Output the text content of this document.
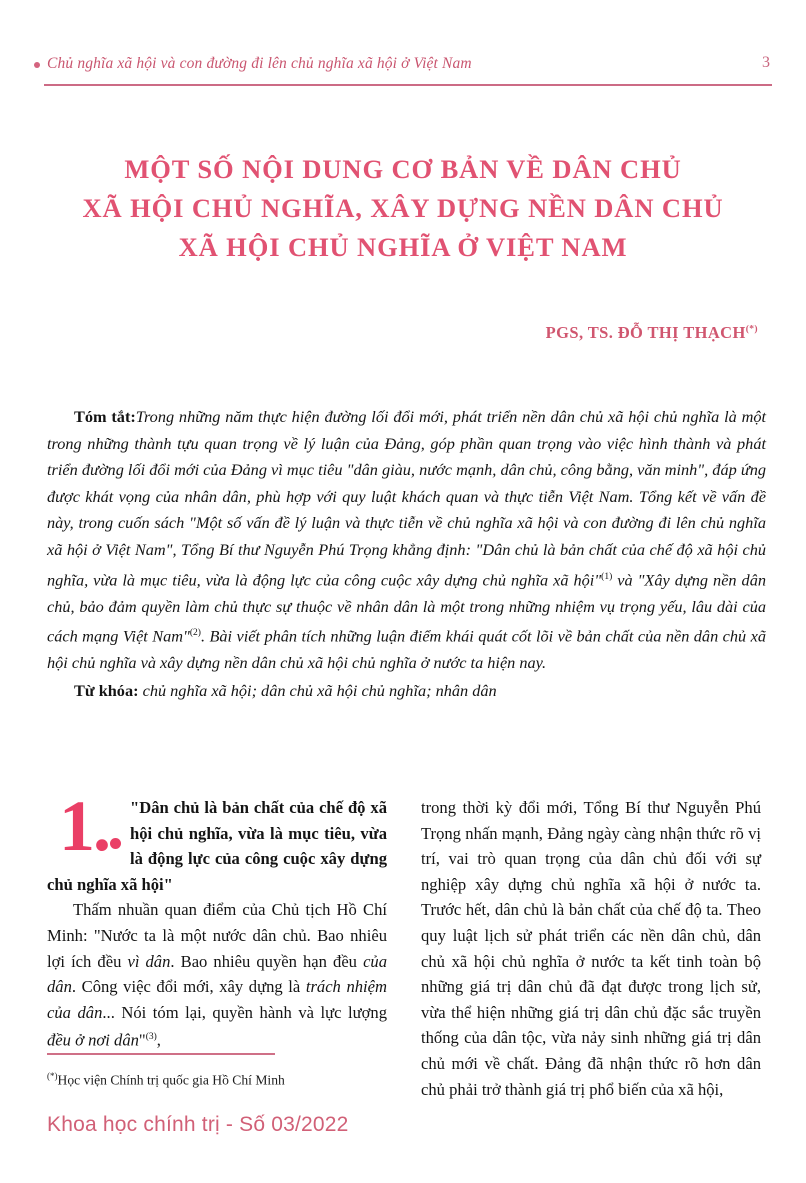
Chủ nghĩa xã hội và con đường đi lên chủ nghĩa xã hội ở Việt Nam	3
MỘT SỐ NỘI DUNG CƠ BẢN VỀ DÂN CHỦ
XÃ HỘI CHỦ NGHĨA, XÂY DỰNG NỀN DÂN CHỦ
XÃ HỘI CHỦ NGHĨA Ở VIỆT NAM
PGS, TS. ĐỖ THỊ THẠCH(*)

Tóm tắt:Trong những năm thực hiện đường lối đổi mới, phát triển nền dân chủ xã hội chủ nghĩa là một trong những thành tựu quan trọng về lý luận của Đảng, góp phần quan trọng vào việc hình thành và phát triển đường lối đổi mới của Đảng vì mục tiêu "dân giàu, nước mạnh, dân chủ, công bằng, văn minh", đáp ứng được khát vọng của nhân dân, phù hợp với quy luật khách quan và thực tiễn Việt Nam. Tổng kết về vấn đề này, trong cuốn sách "Một số vấn đề lý luận và thực tiễn về chủ nghĩa xã hội và con đường đi lên chủ nghĩa xã hội ở Việt Nam", Tổng Bí thư Nguyễn Phú Trọng khẳng định: "Dân chủ là bản chất của chế độ xã hội chủ nghĩa, vừa là mục tiêu, vừa là động lực của công cuộc xây dựng chủ nghĩa xã hội"$^{(1)}$ và "Xây dựng nền dân chủ, bảo đảm quyền làm chủ thực sự thuộc về nhân dân là một trong những nhiệm vụ trọng yếu, lâu dài của cách mạng Việt Nam"$^{(2)}$. Bài viết phân tích những luận điểm khái quát cốt lõi về bản chất của nền dân chủ xã hội chủ nghĩa và xây dựng nền dân chủ xã hội chủ nghĩa ở nước ta hiện nay.

Từ khóa: chủ nghĩa xã hội; dân chủ xã hội chủ nghĩa; nhân dân

1.	"Dân chủ là bản chất của chế độ xã hội chủ nghĩa, vừa là mục tiêu, vừa là động lực của công cuộc xây dựng chủ nghĩa xã hội"

Thấm nhuần quan điểm của Chủ tịch Hồ Chí Minh: "Nước ta là một nước dân chủ. Bao nhiêu lợi ích đều vì dân. Bao nhiêu quyền hạn đều của dân. Công việc đổi mới, xây dựng là trách nhiệm của dân... Nói tóm lại, quyền hành và lực lượng đều ở nơi dân"$^{(3)}$,

trong thời kỳ đổi mới, Tổng Bí thư Nguyễn Phú Trọng nhấn mạnh, Đảng ngày càng nhận thức rõ vị trí, vai trò quan trọng của dân chủ đối với sự nghiệp xây dựng chủ nghĩa xã hội ở nước ta. Trước hết, dân chủ là bản chất của chế độ ta. Theo quy luật lịch sử phát triển các nền dân chủ, dân chủ xã hội chủ nghĩa ở nước ta kết tinh toàn bộ những giá trị dân chủ đã đạt được trong lịch sử, vừa thể hiện những giá trị dân chủ đặc sắc truyền thống của dân tộc, vừa nảy sinh những giá trị dân chủ mới về chất. Đảng đã nhận thức rõ hơn dân chủ phải trở thành giá trị phổ biến của xã hội,

(*)Học viện Chính trị quốc gia Hồ Chí Minh
Khoa học chính trị - Số 03/2022
